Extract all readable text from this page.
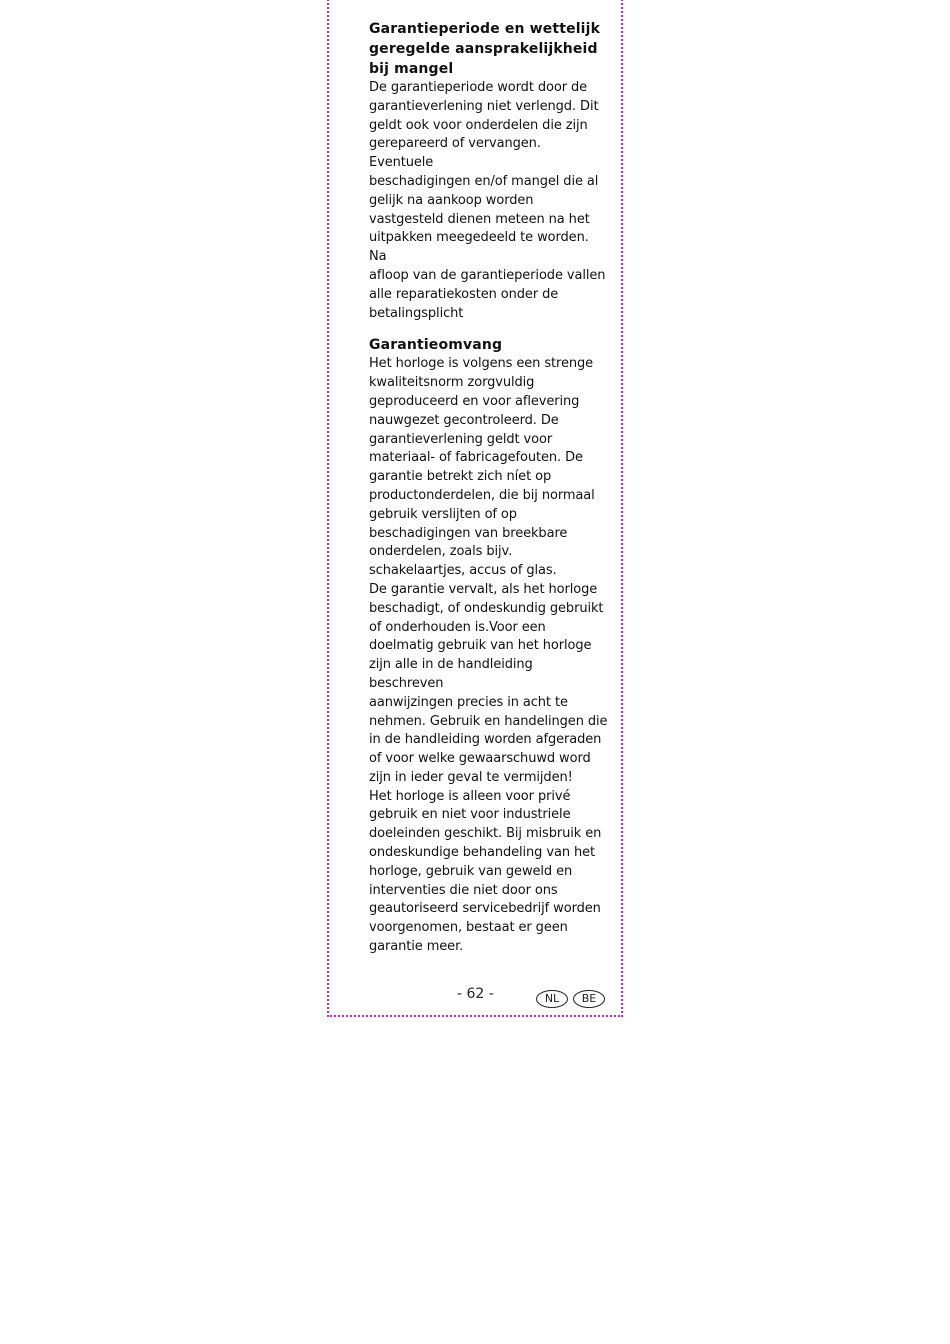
Garantieperiode en wettelijk
geregelde aansprakelijkheid
bij mangel

De garantieperiode wordt door de
garantieverlening niet verlengd. Dit
geldt ook voor onderdelen die zijn
gerepareerd of vervangen. Eventuele
beschadigingen en/of mangel die al
gelijk na aankoop worden
vastgesteld dienen meteen na het
uitpakken meegedeeld te worden. Na
afloop van de garantieperiode vallen
alle reparatiekosten onder de
betalingsplicht

Garantieomvang

Het horloge is volgens een strenge
kwaliteitsnorm zorgvuldig
geproduceerd en voor aflevering
nauwgezet gecontroleerd. De
garantieverlening geldt voor
materiaal- of fabricagefouten. De
garantie betrekt zich níet op
productonderdelen, die bij normaal
gebruik verslijten of op
beschadigingen van breekbare
onderdelen, zoals bijv.
schakelaartjes, accus of glas.
De garantie vervalt, als het horloge
beschadigt, of ondeskundig gebruikt
of onderhouden is.Voor een
doelmatig gebruik van het horloge
zijn alle in de handleiding beschreven
aanwijzingen precies in acht te
nehmen. Gebruik en handelingen die
in de handleiding worden afgeraden
of voor welke gewaarschuwd word
zijn in ieder geval te vermijden!
Het horloge is alleen voor privé
gebruik en niet voor industriele
doeleinden geschikt. Bij misbruik en
ondeskundige behandeling van het
horloge, gebruik van geweld en
interventies die niet door ons
geautoriseerd servicebedrijf worden
voorgenomen, bestaat er geen
garantie meer.

- 62 -	NL	BE
